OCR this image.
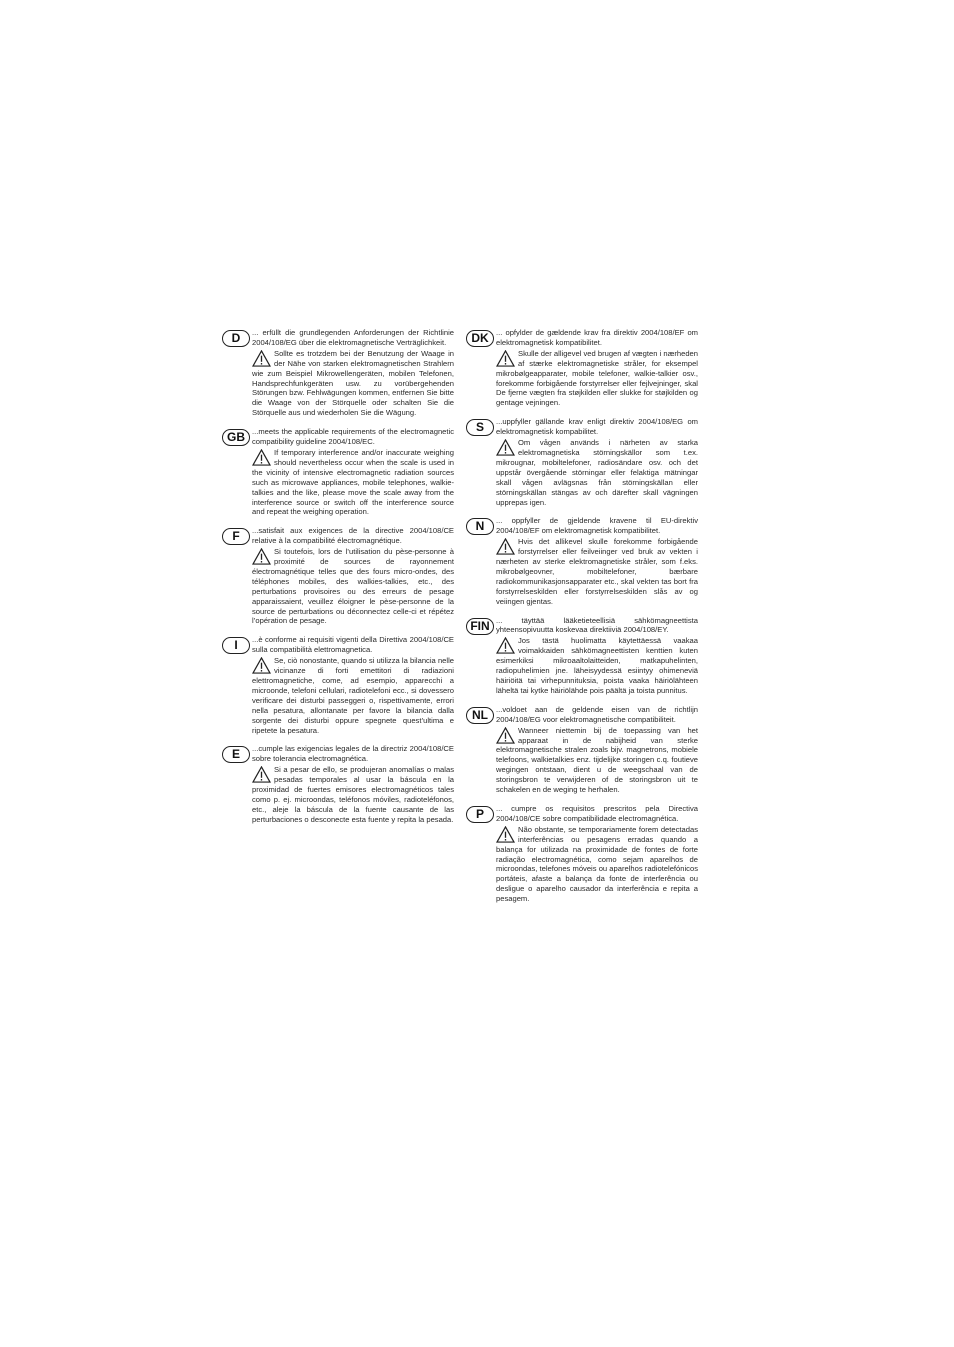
D	... erfüllt die grundlegenden Anforderungen der Richtlinie 2004/108/EG über die elektromagnetische Verträglichkeit.

Sollte es trotzdem bei der Benutzung der Waage in der Nähe von starken elektromagnetischen Strahlern wie zum Beispiel Mikrowellengeräten, mobilen Telefonen, Handsprechfunkgeräten usw. zu vorübergehenden Störungen bzw. Fehlwägungen kommen, entfernen Sie bitte die Waage von der Störquelle oder schalten Sie die Störquelle aus und wiederholen Sie die Wägung.

GB ...meets the applicable requirements of the electromagnetic compatibility guideline 2004/108/EC.

If temporary interference and/or inaccurate weighing should nevertheless occur when the scale is used in the vicinity of intensive electromagnetic radiation sources such as microwave appliances, mobile telephones, walkie-talkies and the like, please move the scale away from the interference source or switch off the interference source and repeat the weighing operation.

F	...satisfait aux exigences de la directive 2004/108/CE relative à la compatibilité électromagnétique.

Si toutefois, lors de l’utilisation du pèse-personne à proximité de sources de rayonnement électromagnétique telles que des fours micro-ondes, des téléphones mobiles, des walkies-talkies, etc., des perturbations provisoires ou des erreurs de pesage apparaissaient, veuillez éloigner le pèse-personne de la source de perturbations ou déconnectez celle-ci et répétez l’opération de pesage.

I	...è conforme ai requisiti vigenti della Direttiva 2004/108/CE sulla compatibilità elettromagnetica.

Se, ciò nonostante, quando si utilizza la bilancia nelle vicinanze di forti emettitori di radiazioni elettromagnetiche, come, ad esempio, apparecchi a microonde, telefoni cellulari, radiotelefoni ecc., si dovessero verificare dei disturbi passeggeri o, rispettivamente, errori nella pesatura, allontanate per favore la bilancia dalla sorgente dei disturbi oppure spegnete quest’ultima e ripetete la pesatura.

E	...cumple las exigencias legales de la directriz 2004/108/CE sobre tolerancia electromagnética.

Si a pesar de ello, se produjeran anomalías o malas pesadas temporales al usar la báscula en la proximidad de fuertes emisores electromagnéticos tales como p. ej. microondas, teléfonos móviles, radioteléfonos, etc., aleje la báscula de la fuente causante de las perturbaciones o desconecte esta fuente y repita la pesada.

DK ... opfylder de gældende krav fra direktiv 2004/108/EF om elektromagnetisk kompatibilitet.

Skulle der alligevel ved brugen af vægten i nærheden af stærke elektromagnetiske stråler, for eksempel mikrobølgeapparater, mobile telefoner, walkie-talkier osv., forekomme forbigående forstyrrelser eller fejlvejninger, skal De fjerne vægten fra støjkilden eller slukke for støjkilden og gentage vejningen.

S	...uppfyller gällande krav enligt direktiv 2004/108/EG om elektromagnetisk kompabilitet.

Om vågen används i närheten av starka elektromagnetiska störningskällor som t.ex. mikrougnar, mobiltelefoner, radiosändare osv. och det uppstår övergående störningar eller felaktiga mätningar skall vågen avlägsnas från störningskällan eller störningskällan stängas av och därefter skall vägningen upprepas igen.

N	... oppfyller de gjeldende kravene til EU-direktiv 2004/108/EF om elektromagnetisk kompatibilitet.

Hvis det allikevel skulle forekomme forbigående forstyrrelser eller feilveiinger ved bruk av vekten i nærheten av sterke elektromagnetiske stråler, som f.eks. mikrobølgeovner, mobiltelefoner, bærbare radiokommunikasjonsapparater etc., skal vekten tas bort fra forstyrrelseskilden eller forstyrrelseskilden slås av og veiingen gjentas.

FIN ... täyttää lääketieteellisiä sähkömagneettista yhteensopivuutta koskevaa direktiiviä 2004/108/EY.

Jos tästä huolimatta käytettäessä vaakaa voimakkaiden sähkömagneettisten kenttien kuten esimerkiksi mikroaaltolaitteiden, matkapuhelinten, radiopuhelimien jne. läheisyydessä esiintyy ohimeneviä häiriöitä tai virhepunnituksia, poista vaaka häiriölähteen läheltä tai kytke häiriölähde pois päältä ja toista punnitus.

NL	...voldoet aan de geldende eisen van de richtlijn 2004/108/EG voor elektromagnetische compatibiliteit.

Wanneer niettemin bij de toepassing van het apparaat in de nabijheid van sterke elektromagnetische stralen zoals bijv. magnetrons, mobiele telefoons, walkietalkies enz. tijdelijke storingen c.q. foutieve wegingen ontstaan, dient u de weegschaal van de storingsbron te verwijderen of de storingsbron uit te schakelen en de weging te herhalen.

P	... cumpre os requisitos prescritos pela Directiva 2004/108/CE sobre compatibilidade electromagnética.

Não obstante, se temporariamente forem detectadas interferências ou pesagens erradas quando a balança for utilizada na proximidade de fontes de forte radiação electromagnética, como sejam aparelhos de microondas, telefones móveis ou aparelhos radiotelefónicos portáteis, afaste a balança da fonte de interferência ou desligue o aparelho causador da interferência e repita a pesagem.
